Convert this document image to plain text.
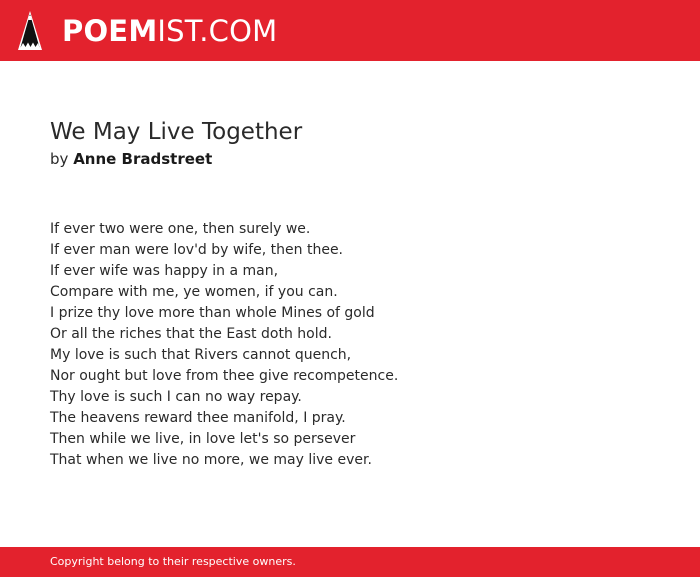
POEMIST.COM
We May Live Together
by Anne Bradstreet
If ever two were one, then surely we.
If ever man were lov'd by wife, then thee.
If ever wife was happy in a man,
Compare with me, ye women, if you can.
I prize thy love more than whole Mines of gold
Or all the riches that the East doth hold.
My love is such that Rivers cannot quench,
Nor ought but love from thee give recompetence.
Thy love is such I can no way repay.
The heavens reward thee manifold, I pray.
Then while we live, in love let's so persever
That when we live no more, we may live ever.
Copyright belong to their respective owners.
